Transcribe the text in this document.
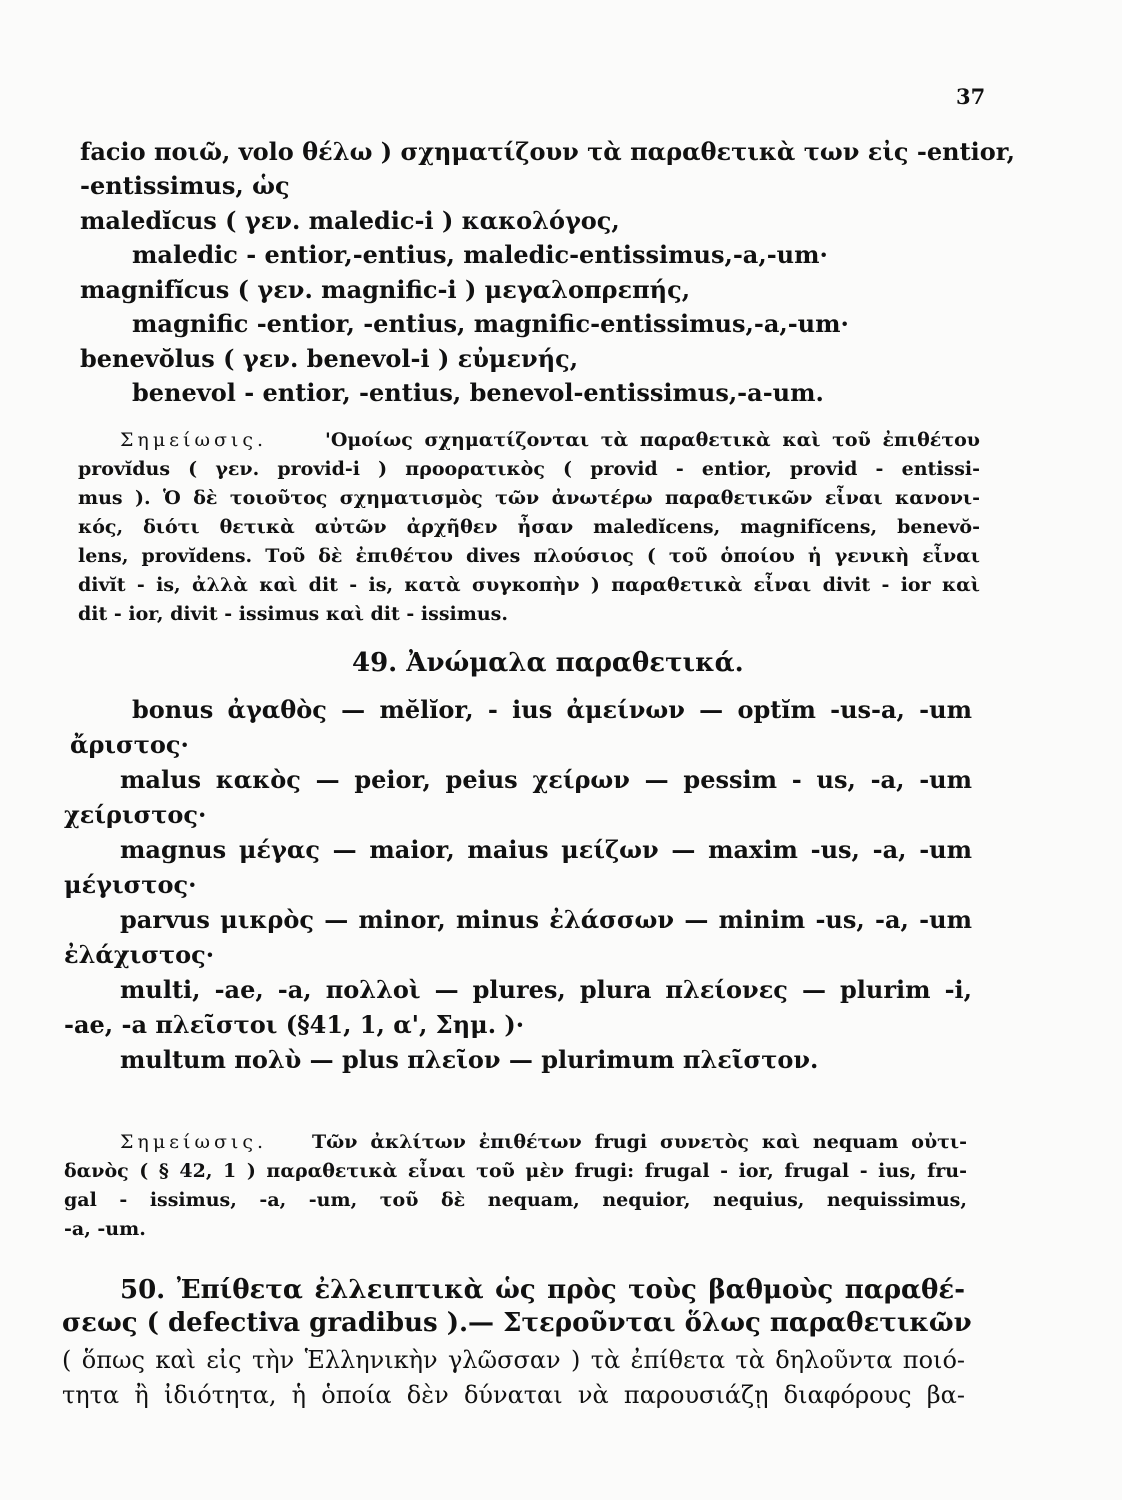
37
facio ποιῶ, volo θέλω ) σχηματίζουν τὰ παραθετικὰ των εἰς -entior,
-entissimus, ὡς
maledĭcus ( γεν. maledic-i ) κακολόγος,
maledic - entior,-entius, maledic-entissimus,-a,-um·
magnifĭcus ( γεν. magnific-i ) μεγαλοπρεπής,
magnific -entior, -entius, magnific-entissimus,-a,-um·
benevŏlus ( γεν. benevol-i ) εὐμενής,
benevol - entior, -entius, benevol-entissimus,-a-um.
Σημείωσις.	'Ομοίως σχηματίζονται τὰ παραθετικὰ καὶ τοῦ ἐπιθέτου
provĭdus ( γεν. provid-i ) προορατικὸς ( provid - entior, provid - entissi-
mus ). Ὁ δὲ τοιοῦτος σχηματισμὸς τῶν ἀνωτέρω παραθετικῶν εἶναι κανονι-
κός, διότι θετικὰ αὐτῶν ἀρχῆθεν ἦσαν maledĭcens, magnifĭcens, benevŏ-
lens, provĭdens. Τοῦ δὲ ἐπιθέτου dives πλούσιος ( τοῦ ὁποίου ἡ γενικὴ εἶναι
divĭt - is, ἀλλὰ καὶ dit - is, κατὰ συγκοπὴν ) παραθετικὰ εἶναι divit - ior καὶ
dit - ior, divit - issimus καὶ dit - issimus.
49. Ἀνώμαλα παραθετικά.
bonus ἀγαθὸς — mĕlĭor, - ius ἀμείνων — optĭm -us-a, -um
ἄριστος·
malus κακὸς — peior, peius χείρων — pessim - us, -a, -um
χείριστος·
magnus μέγας — maior, maius μείζων — maxim -us, -a, -um
μέγιστος·
parvus μικρὸς — minor, minus ἐλάσσων — minim -us, -a, -um
ἐλάχιστος·
multi, -ae, -a, πολλοὶ — plures, plura πλείονες — plurim -i,
-ae, -a πλεῖστοι (§41, 1, α', Σημ. )·
multum πολὺ — plus πλεῖον — plurimum πλεῖστον.
Σημείωσις. Τῶν ἀκλίτων ἐπιθέτων frugi συνετὸς καὶ nequam οὐτι-
δανὸς ( § 42, 1 ) παραθετικὰ εἶναι τοῦ μὲν frugi: frugal - ior, frugal - ius, fru-
gal - issimus, -a, -um, τοῦ δὲ nequam, nequior, nequius, nequissimus,
-a, -um.
50. Ἐπίθετα ἐλλειπτικὰ ὡς πρὸς τοὺς βαθμοὺς παραθέ-
σεως ( defectiva gradibus ).— Στεροῦνται ὅλως παραθετικῶν
( ὅπως καὶ εἰς τὴν Ἑλληνικὴν γλῶσσαν ) τὰ ἐπίθετα τὰ δηλοῦντα ποιό-
τητα ἢ ἰδιότητα, ἡ ὁποία δὲν δύναται νὰ παρουσιάζῃ διαφόρους βα-
